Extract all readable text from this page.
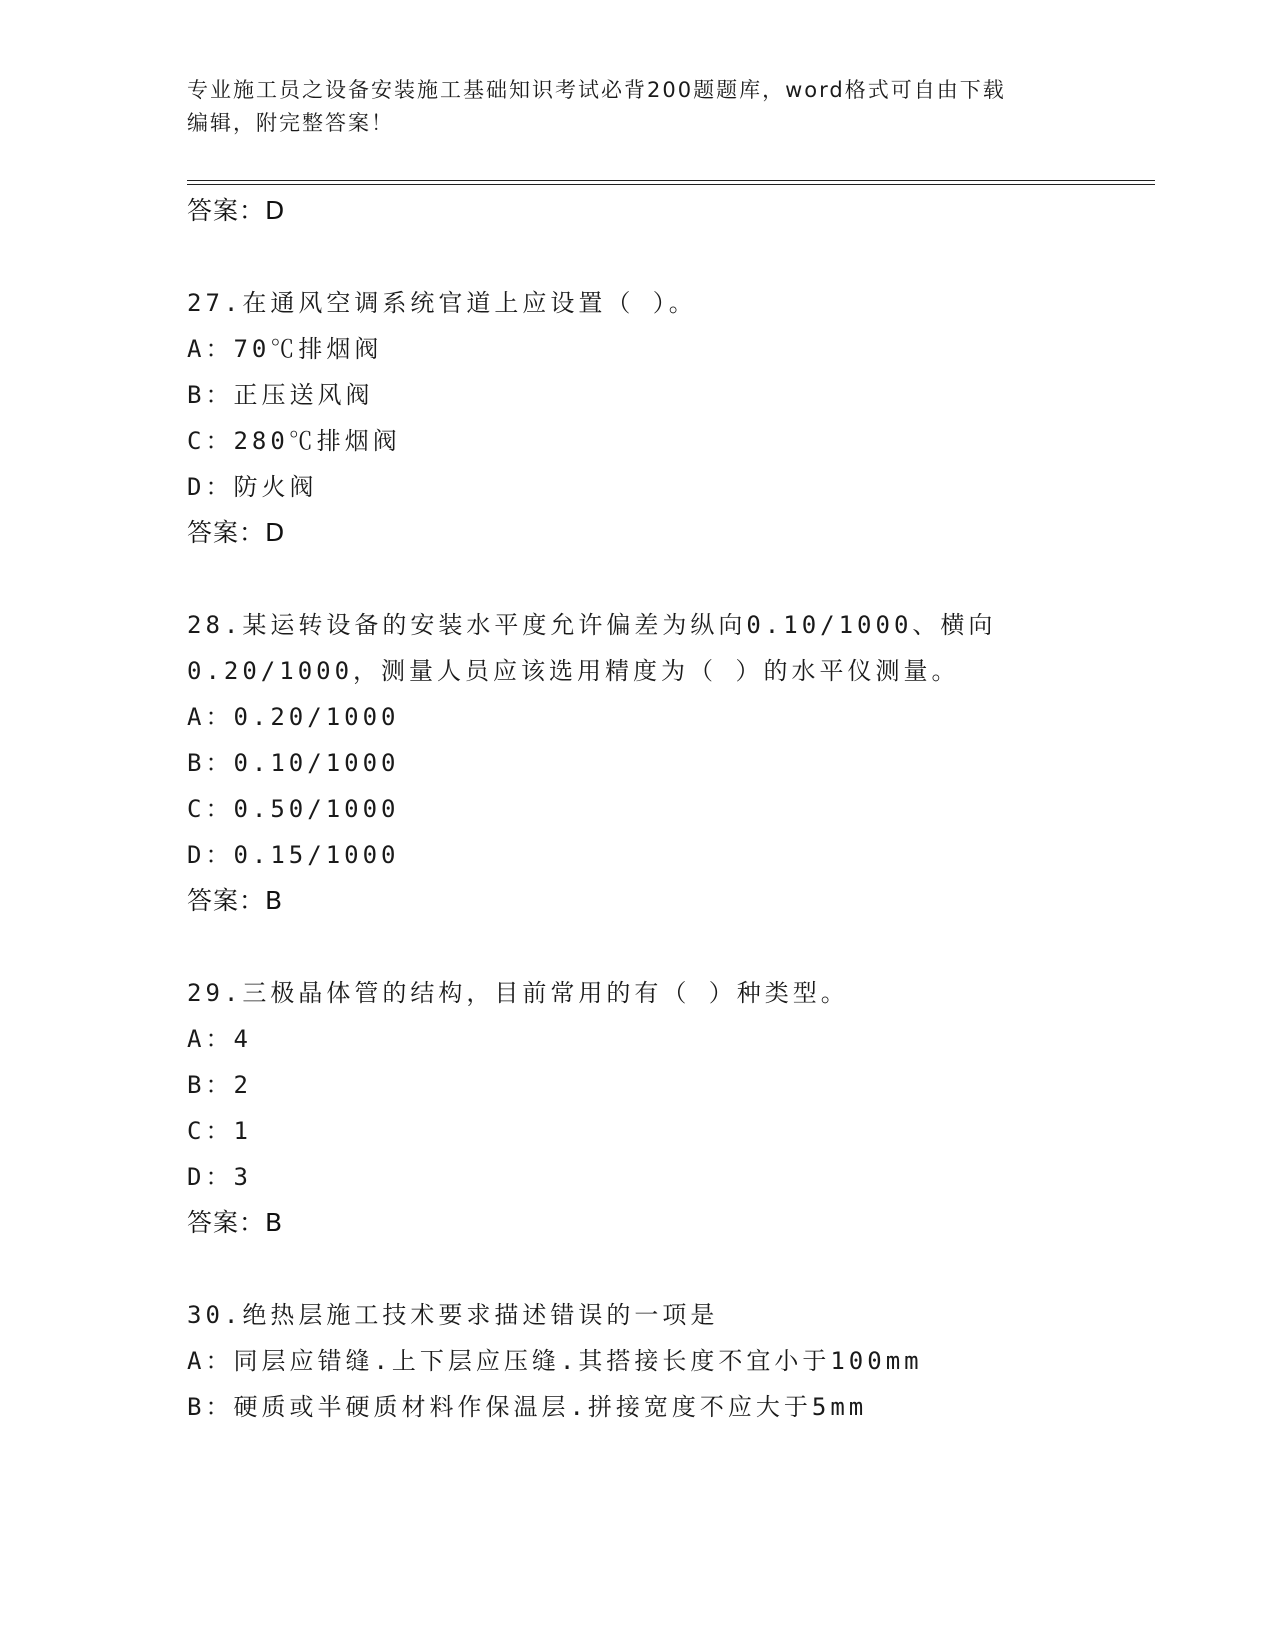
专业施工员之设备安装施工基础知识考试必背200题题库，word格式可自由下载
编辑，附完整答案！
答案：D
27.在通风空调系统官道上应设置（ ）。
A：70℃排烟阀
B：正压送风阀
C：280℃排烟阀
D：防火阀
答案：D
28.某运转设备的安装水平度允许偏差为纵向0.10/1000、横向
0.20/1000，测量人员应该选用精度为（ ）的水平仪测量。
A：0.20/1000
B：0.10/1000
C：0.50/1000
D：0.15/1000
答案：B
29.三极晶体管的结构，目前常用的有（ ）种类型。
A：4
B：2
C：1
D：3
答案：B
30.绝热层施工技术要求描述错误的一项是
A：同层应错缝.上下层应压缝.其搭接长度不宜小于100mm
B：硬质或半硬质材料作保温层.拼接宽度不应大于5mm
